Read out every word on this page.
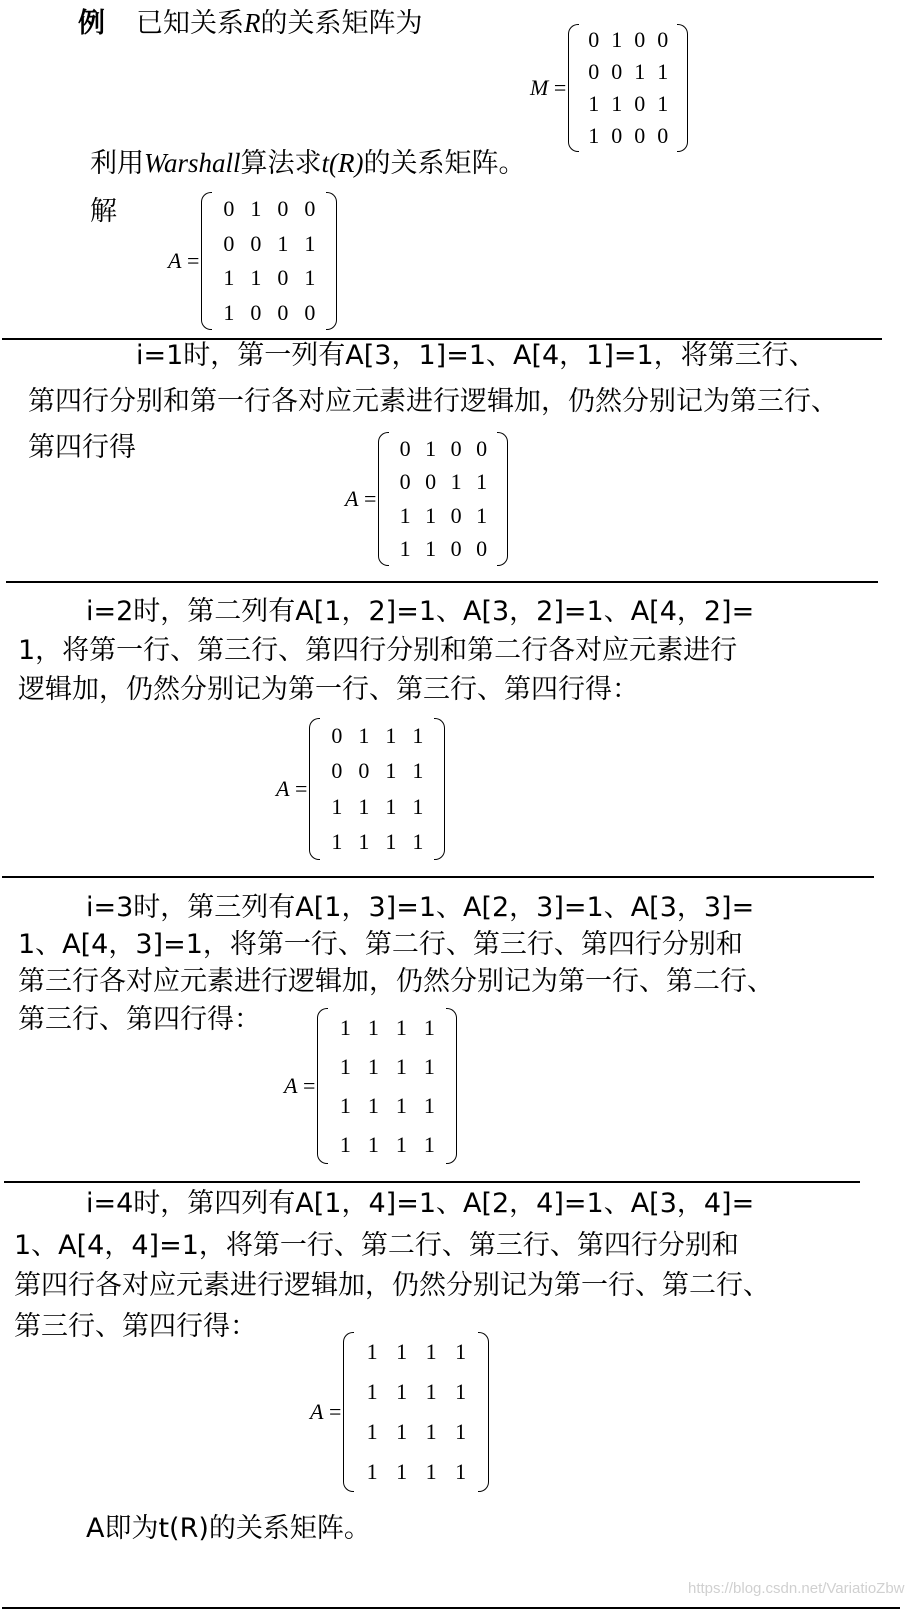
例 已知关系R的关系矩阵为
M =
0 1 0 0
0 0 1 1
1 1 0 1
1 0 0 0
利用Warshall算法求t(R)的关系矩阵。
解
A =
0 1 0 0
0 0 1 1
1 1 0 1
1 0 0 0
i=1时，第一列有A[3，1]=1、A[4，1]=1，将第三行、
第四行分别和第一行各对应元素进行逻辑加，仍然分别记为第三行、
第四行得
A =
0 1 0 0
0 0 1 1
1 1 0 1
1 1 0 0
i=2时，第二列有A[1，2]=1、A[3，2]=1、A[4，2]=
1，将第一行、第三行、第四行分别和第二行各对应元素进行
逻辑加，仍然分别记为第一行、第三行、第四行得：
A =
0 1 1 1
0 0 1 1
1 1 1 1
1 1 1 1
i=3时，第三列有A[1，3]=1、A[2，3]=1、A[3，3]=
1、A[4，3]=1，将第一行、第二行、第三行、第四行分别和
第三行各对应元素进行逻辑加，仍然分别记为第一行、第二行、
第三行、第四行得：
A =
1 1 1 1
1 1 1 1
1 1 1 1
1 1 1 1
i=4时，第四列有A[1，4]=1、A[2，4]=1、A[3，4]=
1、A[4，4]=1，将第一行、第二行、第三行、第四行分别和
第四行各对应元素进行逻辑加，仍然分别记为第一行、第二行、
第三行、第四行得：
A =
1 1 1 1
1 1 1 1
1 1 1 1
1 1 1 1
A即为t(R)的关系矩阵。
https://blog.csdn.net/VariatioZbw
